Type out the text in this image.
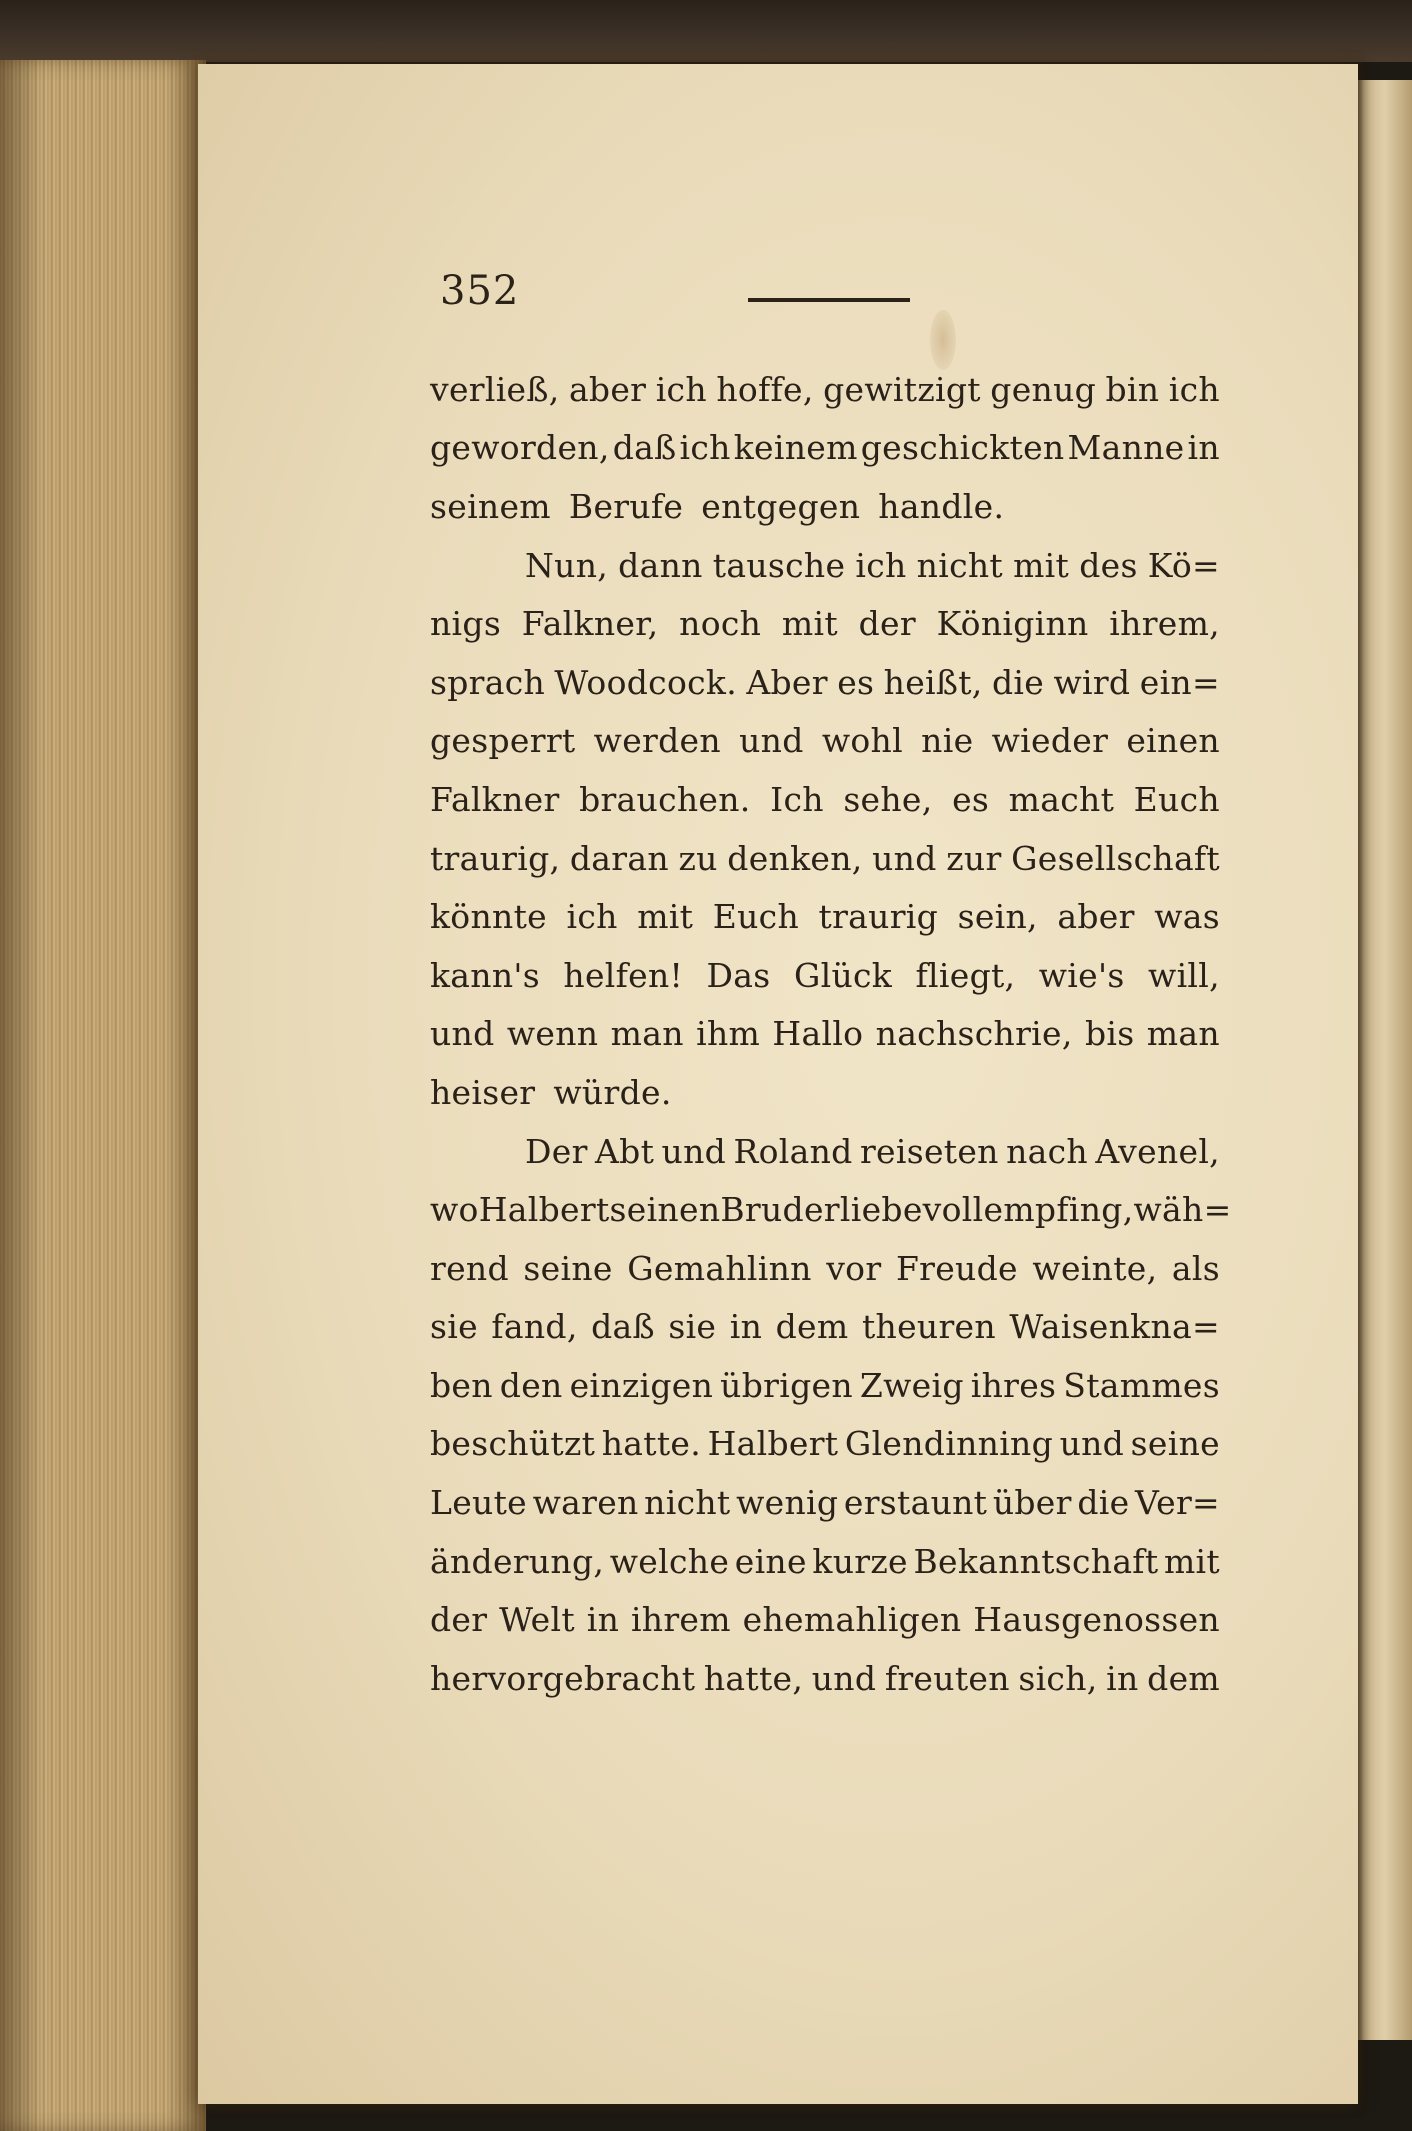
352
verließ, aber ich hoffe, gewitzigt genug bin ich
geworden, daß ich keinem geschickten Manne in
seinem Berufe entgegen handle.
Nun, dann tausche ich nicht mit des Kö=
nigs Falkner, noch mit der Königinn ihrem,
sprach Woodcock. Aber es heißt, die wird ein=
gesperrt werden und wohl nie wieder einen
Falkner brauchen. Ich sehe, es macht Euch
traurig, daran zu denken, und zur Gesellschaft
könnte ich mit Euch traurig sein, aber was
kann's helfen! Das Glück fliegt, wie's will,
und wenn man ihm Hallo nachschrie, bis man
heiser würde.
Der Abt und Roland reiseten nach Avenel,
wo Halbert seinen Bruder liebevoll empfing, wäh=
rend seine Gemahlinn vor Freude weinte, als
sie fand, daß sie in dem theuren Waisenkna=
ben den einzigen übrigen Zweig ihres Stammes
beschützt hatte. Halbert Glendinning und seine
Leute waren nicht wenig erstaunt über die Ver=
änderung, welche eine kurze Bekanntschaft mit
der Welt in ihrem ehemahligen Hausgenossen
hervorgebracht hatte, und freuten sich, in dem
